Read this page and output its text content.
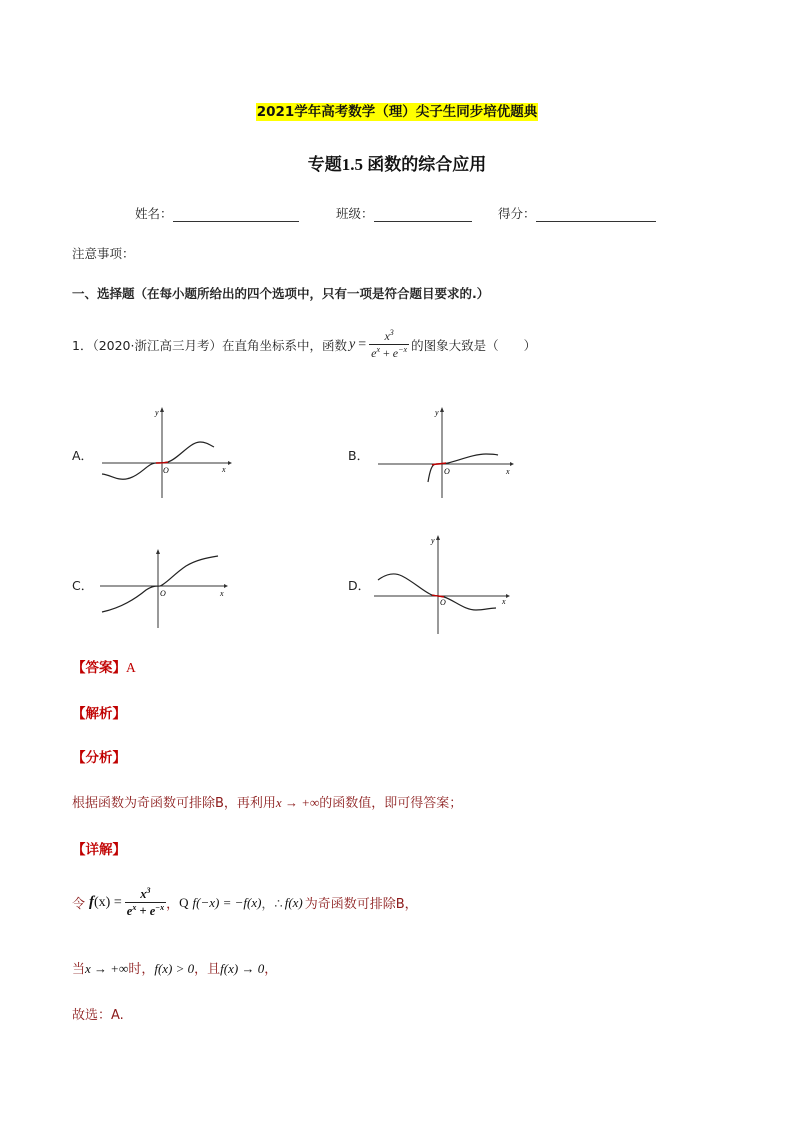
2021学年高考数学（理）尖子生同步培优题典
专题1.5 函数的综合应用
姓名：	班级：	得分：
注意事项：
一、选择题（在每小题所给出的四个选项中，只有一项是符合题目要求的.）
1．（2020·浙江高三月考）在直角坐标系中，函数 $y = \frac{x^3}{e^x + e^{-x}}$ 的图象大致是（　　）
A．
x
y
O
B．
x
y
O
C．
x
O
D．
x
y
O
【答案】A
【解析】
【分析】
根据函数为奇函数可排除B，再利用x → +∞的函数值，即可得答案；
【详解】
令 f $(x) = \frac{x^3}{e^x + e^{-x}}$ ， Q f(−x) = −f(x) ，∴ f(x) 为奇函数可排除B，
当x → +∞时，f(x) > 0，且f(x) → 0，
故选：A.
